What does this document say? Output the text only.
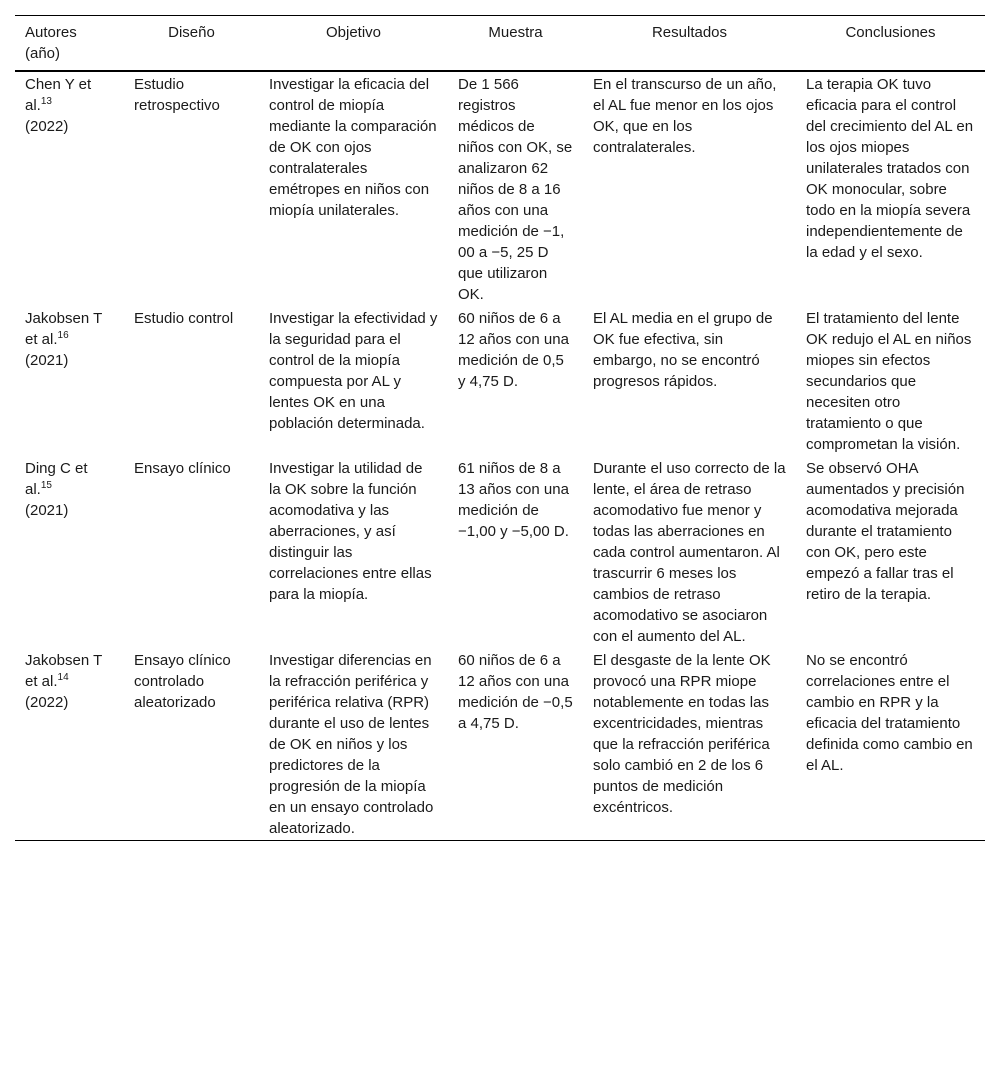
Autores (año)	Diseño	Objetivo	Muestra	Resultados	Conclusiones
Chen Y et al.$^{13}$
(2022)	Estudio retrospectivo	Investigar la eficacia del control de miopía mediante la comparación de OK con ojos contralaterales emétropes en niños con miopía unilaterales.	De 1 566 registros médicos de niños con OK, se analizaron 62 niños de 8 a 16 años con una medición de −1, 00 a −5, 25 D que utilizaron OK.	En el transcurso de un año, el AL fue menor en los ojos OK, que en los contralaterales.	La terapia OK tuvo eficacia para el control del crecimiento del AL en los ojos miopes unilaterales tratados con OK monocular, sobre todo en la miopía severa independientemente de la edad y el sexo.
Jakobsen T et al.$^{16}$
(2021)	Estudio control	Investigar la efectividad y la seguridad para el control de la miopía compuesta por AL y lentes OK en una población determinada.	60 niños de 6 a 12 años con una medición de 0,5 y 4,75 D.	El AL media en el grupo de OK fue efectiva, sin embargo, no se encontró progresos rápidos.	El tratamiento del lente OK redujo el AL en niños miopes sin efectos secundarios que necesiten otro tratamiento o que comprometan la visión.
Ding C et al.$^{15}$
(2021)	Ensayo clínico	Investigar la utilidad de la OK sobre la función acomodativa y las aberraciones, y así distinguir las correlaciones entre ellas para la miopía.	61 niños de 8 a 13 años con una medición de −1,00 y −5,00 D.	Durante el uso correcto de la lente, el área de retraso acomodativo fue menor y todas las aberraciones en cada control aumentaron. Al trascurrir 6 meses los cambios de retraso acomodativo se asociaron con el aumento del AL.	Se observó OHA aumentados y precisión acomodativa mejorada durante el tratamiento con OK, pero este empezó a fallar tras el retiro de la terapia.
Jakobsen T et al.$^{14}$
(2022)	Ensayo clínico controlado aleatorizado	Investigar diferencias en la refracción periférica y periférica relativa (RPR) durante el uso de lentes de OK en niños y los predictores de la progresión de la miopía en un ensayo controlado aleatorizado.	60 niños de 6 a 12 años con una medición de −0,5 a 4,75 D.	El desgaste de la lente OK provocó una RPR miope notablemente en todas las excentricidades, mientras que la refracción periférica solo cambió en 2 de los 6 puntos de medición excéntricos.	No se encontró correlaciones entre el cambio en RPR y la eficacia del tratamiento definida como cambio en el AL.
